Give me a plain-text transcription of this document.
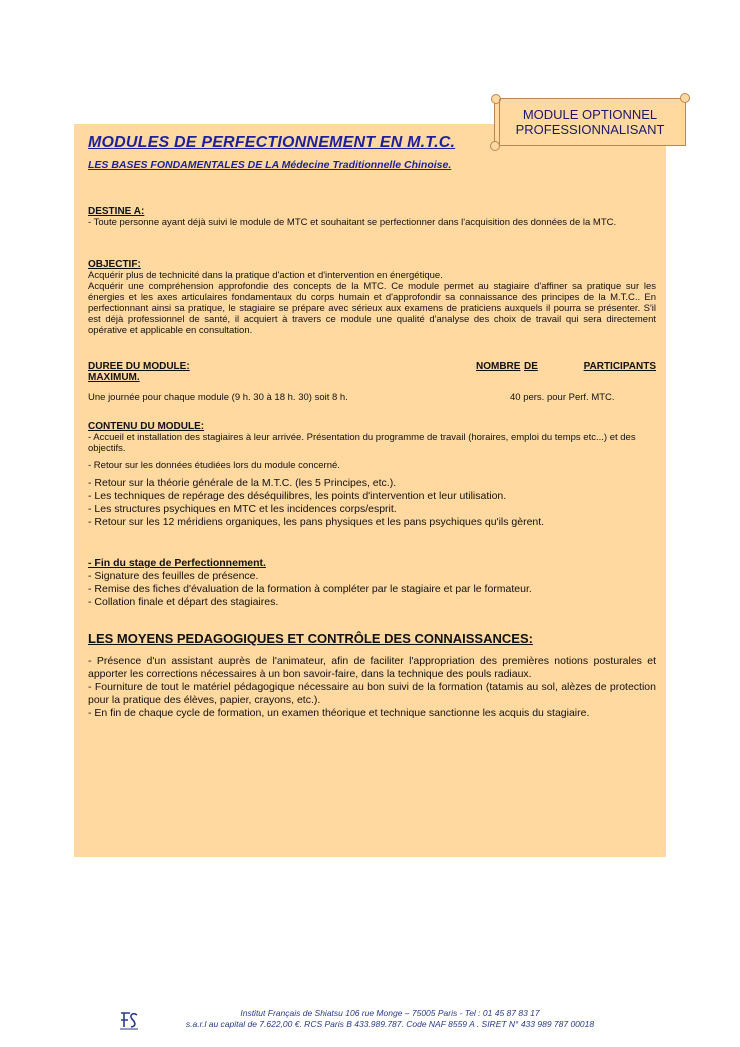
MODULE OPTIONNEL
PROFESSIONNALISANT
MODULES DE PERFECTIONNEMENT EN M.T.C.
LES BASES FONDAMENTALES DE LA Médecine Traditionnelle Chinoise.
DESTINE A:
- Toute personne ayant déjà suivi le module de MTC et souhaitant se perfectionner dans l'acquisition des données de la MTC.
OBJECTIF:
Acquérir plus de technicité dans la pratique d'action et d'intervention en énergétique.
Acquérir une compréhension approfondie des concepts de la MTC. Ce module permet au stagiaire d'affiner sa pratique sur les énergies et les axes articulaires fondamentaux du corps humain et d'approfondir sa connaissance des principes de la M.T.C.. En perfectionnant ainsi sa pratique, le stagiaire se prépare avec sérieux aux examens de praticiens auxquels il pourra se présenter. S'il est déjà professionnel de santé, il acquiert à travers ce module une qualité d'analyse des choix de travail qui sera directement opérative et applicable en consultation.
DUREE DU MODULE:	NOMBRE DE	PARTICIPANTS
MAXIMUM.
Une journée pour chaque module (9 h. 30 à 18 h. 30) soit 8 h.	40 pers. pour Perf. MTC.
CONTENU DU MODULE:
- Accueil et installation des stagiaires à leur arrivée. Présentation du programme de travail (horaires, emploi du temps etc...) et des objectifs.
- Retour sur les données étudiées lors du module concerné.
- Retour sur la théorie générale de la M.T.C. (les 5 Principes, etc.).
- Les techniques de repérage des déséquilibres, les points d'intervention et leur utilisation.
- Les structures psychiques en MTC et les incidences corps/esprit.
- Retour sur les 12 méridiens organiques, les pans physiques et les pans psychiques qu'ils gèrent.
- Fin du stage de Perfectionnement.
- Signature des feuilles de présence.
- Remise des fiches d'évaluation de la formation à compléter par le stagiaire et par le formateur.
- Collation finale et départ des stagiaires.
LES MOYENS PEDAGOGIQUES ET CONTRÔLE DES CONNAISSANCES:
- Présence d'un assistant auprès de l'animateur, afin de faciliter l'appropriation des premières notions posturales et apporter les corrections nécessaires à un bon savoir-faire, dans la technique des pouls radiaux.
- Fourniture de tout le matériel pédagogique nécessaire au bon suivi de la formation (tatamis au sol, alèzes de protection pour la pratique des élèves, papier, crayons, etc.).
- En fin de chaque cycle de formation, un examen théorique et technique sanctionne les acquis du stagiaire.
Institut Français de Shiatsu 106 rue Monge – 75005 Paris - Tel : 01 45 87 83 17
s.a.r.l au capital de 7.622,00 €. RCS Paris B 433.989.787. Code NAF 8559 A . SIRET N° 433 989 787 00018
